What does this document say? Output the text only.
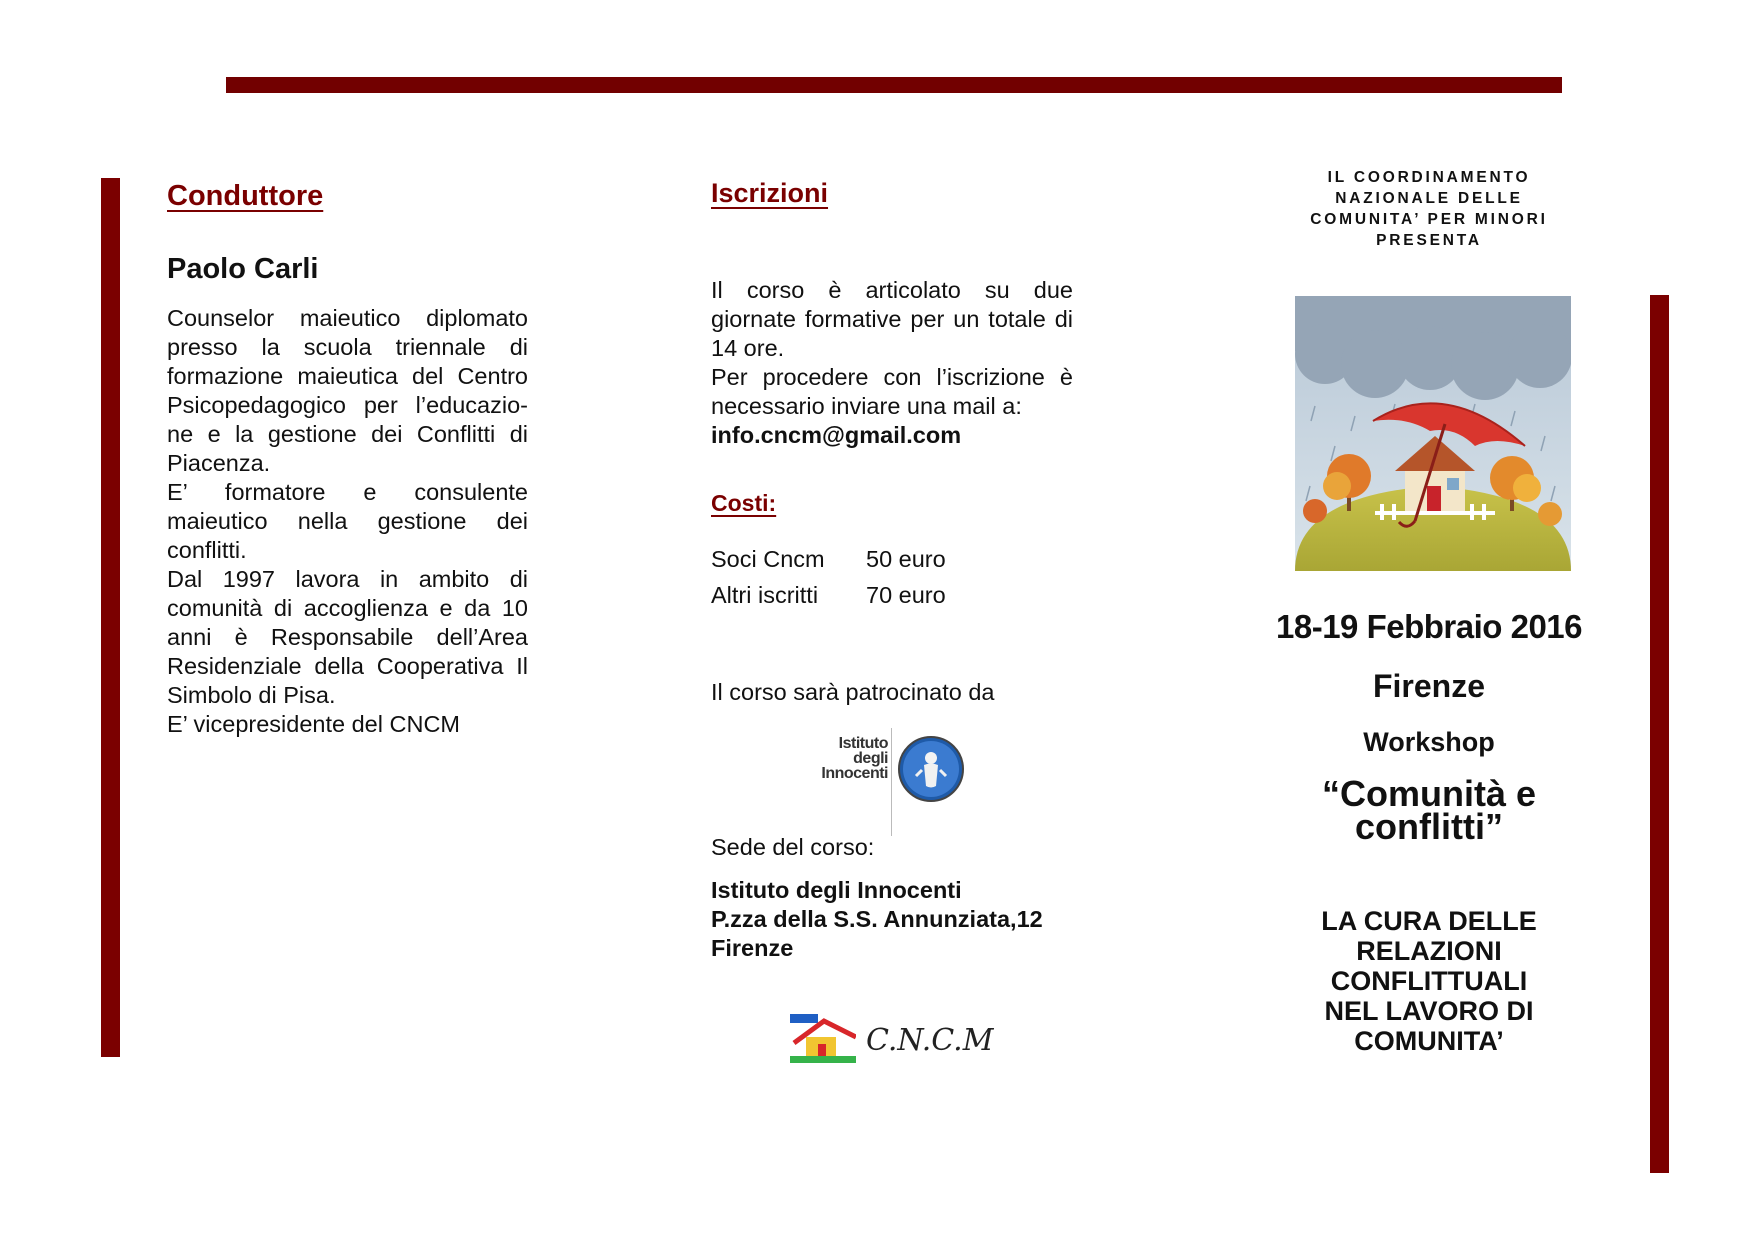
Conduttore
Paolo Carli
Counselor maieutico diplomato presso la scuola triennale di formazione maieutica del Centro Psicopedagogico per l’educazio-ne e la gestione dei Conflitti di Piacenza.
E’ formatore e consulente maieutico nella gestione dei conflitti.
Dal 1997 lavora in ambito di comunità di accoglienza e da 10 anni è Responsabile dell’Area Residenziale della Cooperativa Il Simbolo di Pisa.
E’ vicepresidente del CNCM
Iscrizioni
Il corso è articolato su due giornate formative per un totale di 14 ore.
Per procedere con l’iscrizione è necessario inviare una mail a:
info.cncm@gmail.com
Costi:
Soci Cncm	50 euro
Altri iscritti	70 euro
Il corso sarà patrocinato da
Istituto
degli
Innocenti
Sede del corso:
Istituto degli Innocenti
P.zza della S.S. Annunziata,12
Firenze
C.N.C.M
IL COORDINAMENTO
NAZIONALE DELLE
COMUNITA’ PER MINORI
PRESENTA
18-19 Febbraio 2016
Firenze
Workshop
“Comunità e
conflitti”
LA CURA DELLE
RELAZIONI
CONFLITTUALI
NEL LAVORO DI
COMUNITA’
